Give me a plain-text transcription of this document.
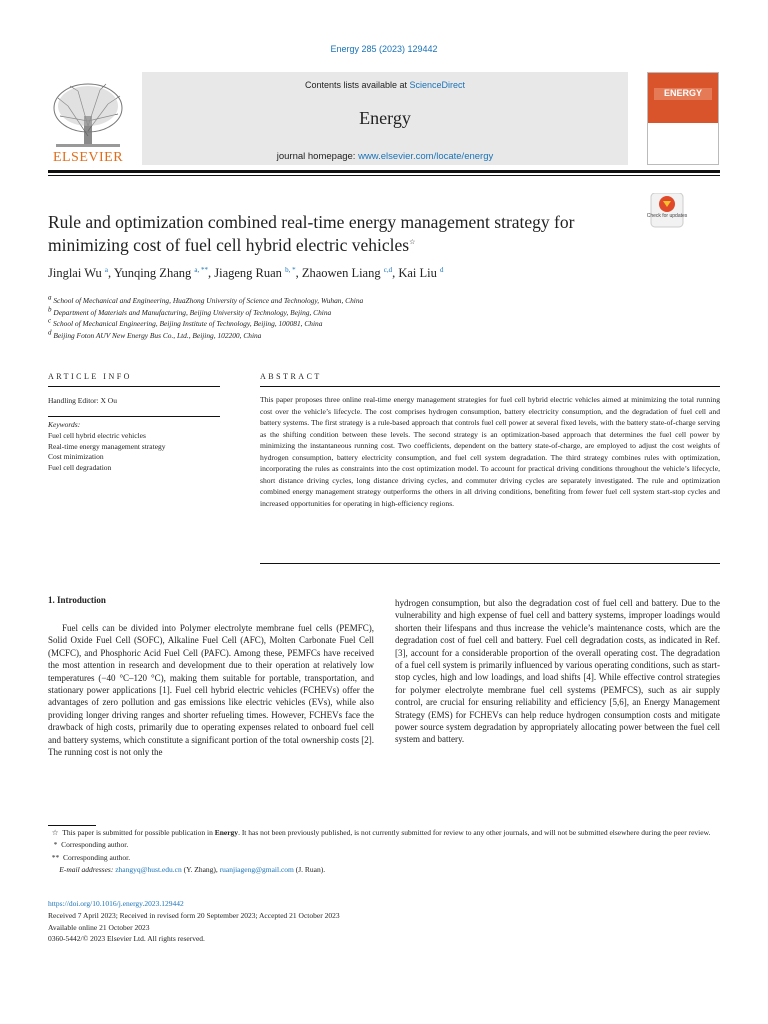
Energy 285 (2023) 129442
ELSEVIER
Contents lists available at ScienceDirect
Energy
journal homepage: www.elsevier.com/locate/energy
ENERGY
Check for updates
Rule and optimization combined real-time energy management strategy for minimizing cost of fuel cell hybrid electric vehicles☆
Jinglai Wu $^a$, Yunqing Zhang $^{a, **}$, Jiageng Ruan $^{b, *}$, Zhaowen Liang $^{c,d}$, Kai Liu $^d$
$^a$ School of Mechanical and Engineering, HuaZhong University of Science and Technology, Wuhan, China
$^b$ Department of Materials and Manufacturing, Beijing University of Technology, Bejing, China
$^c$ School of Mechanical Engineering, Beijing Institute of Technology, Beijing, 100081, China
$^d$ Beijing Foton AUV New Energy Bus Co., Ltd., Beijing, 102200, China
ARTICLE INFO
Handling Editor: X Ou
Keywords:
Fuel cell hybrid electric vehicles
Real-time energy management strategy
Cost minimization
Fuel cell degradation
ABSTRACT
This paper proposes three online real-time energy management strategies for fuel cell hybrid electric vehicles aimed at minimizing the total running cost over the vehicle’s lifecycle. The cost comprises hydrogen consumption, battery electricity consumption, and the degradation of fuel cell and battery systems. The first strategy is a rule-based approach that controls fuel cell power at several fixed levels, with the battery state-of-charge serving as the shifting condition between these levels. The second strategy is an optimization-based approach that determines the fuel cell power by minimizing the instantaneous running cost. Two coefficients, dependent on the battery state-of-charge, are employed to adjust the cost weights of hydrogen consumption, battery electricity consumption, and fuel cell system degradation. The third strategy combines rules with optimization, incorporating the rules as constraints into the cost optimization model. To account for practical driving conditions throughout the vehicle’s lifecycle, short distance driving cycles, long distance driving cycles, and commuter driving cycles are separately investigated. The rule and optimization combined energy management strategy outperforms the others in all driving conditions, benefiting from fewer fuel cell system start-stop cycles and increased opportunities for operating in high-efficiency regions.
1. Introduction
Fuel cells can be divided into Polymer electrolyte membrane fuel cells (PEMFC), Solid Oxide Fuel Cell (SOFC), Alkaline Fuel Cell (AFC), Molten Carbonate Fuel Cell (MCFC), and Phosphoric Acid Fuel Cell (PAFC). Among these, PEMFCs have received the most attention in research and development due to their operation at relatively low temperatures (−40 °C–120 °C), making them suitable for portable, transportation, and stationary power applications [1]. Fuel cell hybrid electric vehicles (FCHEVs) offer the advantages of zero pollution and gas emissions like electric vehicles (EVs), while also providing longer driving ranges and shorter refueling times. However, FCHEVs face the drawback of high costs, primarily due to operating expenses related to onboard fuel cell and battery systems, which constitute a significant portion of the total ownership costs [2]. The running cost is not only the
hydrogen consumption, but also the degradation cost of fuel cell and battery. Due to the vulnerability and high expense of fuel cell and battery systems, improper loadings would shorten their lifespans and thus increase the vehicle’s maintenance costs, which are the degradation cost of fuel cell and battery. Fuel cell degradation costs, as indicated in Ref. [3], account for a considerable proportion of the overall operating cost. The degradation of a fuel cell system is primarily influenced by various operating conditions, such as start-stop cycles, high and low loadings, and load shifts [4]. While effective control strategies for polymer electrolyte membrane fuel cell systems (PEMFCS), such as air supply control, are crucial for ensuring reliability and efficiency [5,6], an Energy Management Strategy (EMS) for FCHEVs can help reduce hydrogen consumption costs and mitigate power source system degradation by appropriately allocating power between the fuel cell system and battery.
☆  This paper is submitted for possible publication in Energy. It has not been previously published, is not currently submitted for review to any other journals, and will not be submitted elsewhere during the peer review.
*  Corresponding author.
**  Corresponding author.
E-mail addresses: zhangyq@hust.edu.cn (Y. Zhang), ruanjiageng@gmail.com (J. Ruan).
https://doi.org/10.1016/j.energy.2023.129442
Received 7 April 2023; Received in revised form 20 September 2023; Accepted 21 October 2023
Available online 21 October 2023
0360-5442/© 2023 Elsevier Ltd. All rights reserved.
